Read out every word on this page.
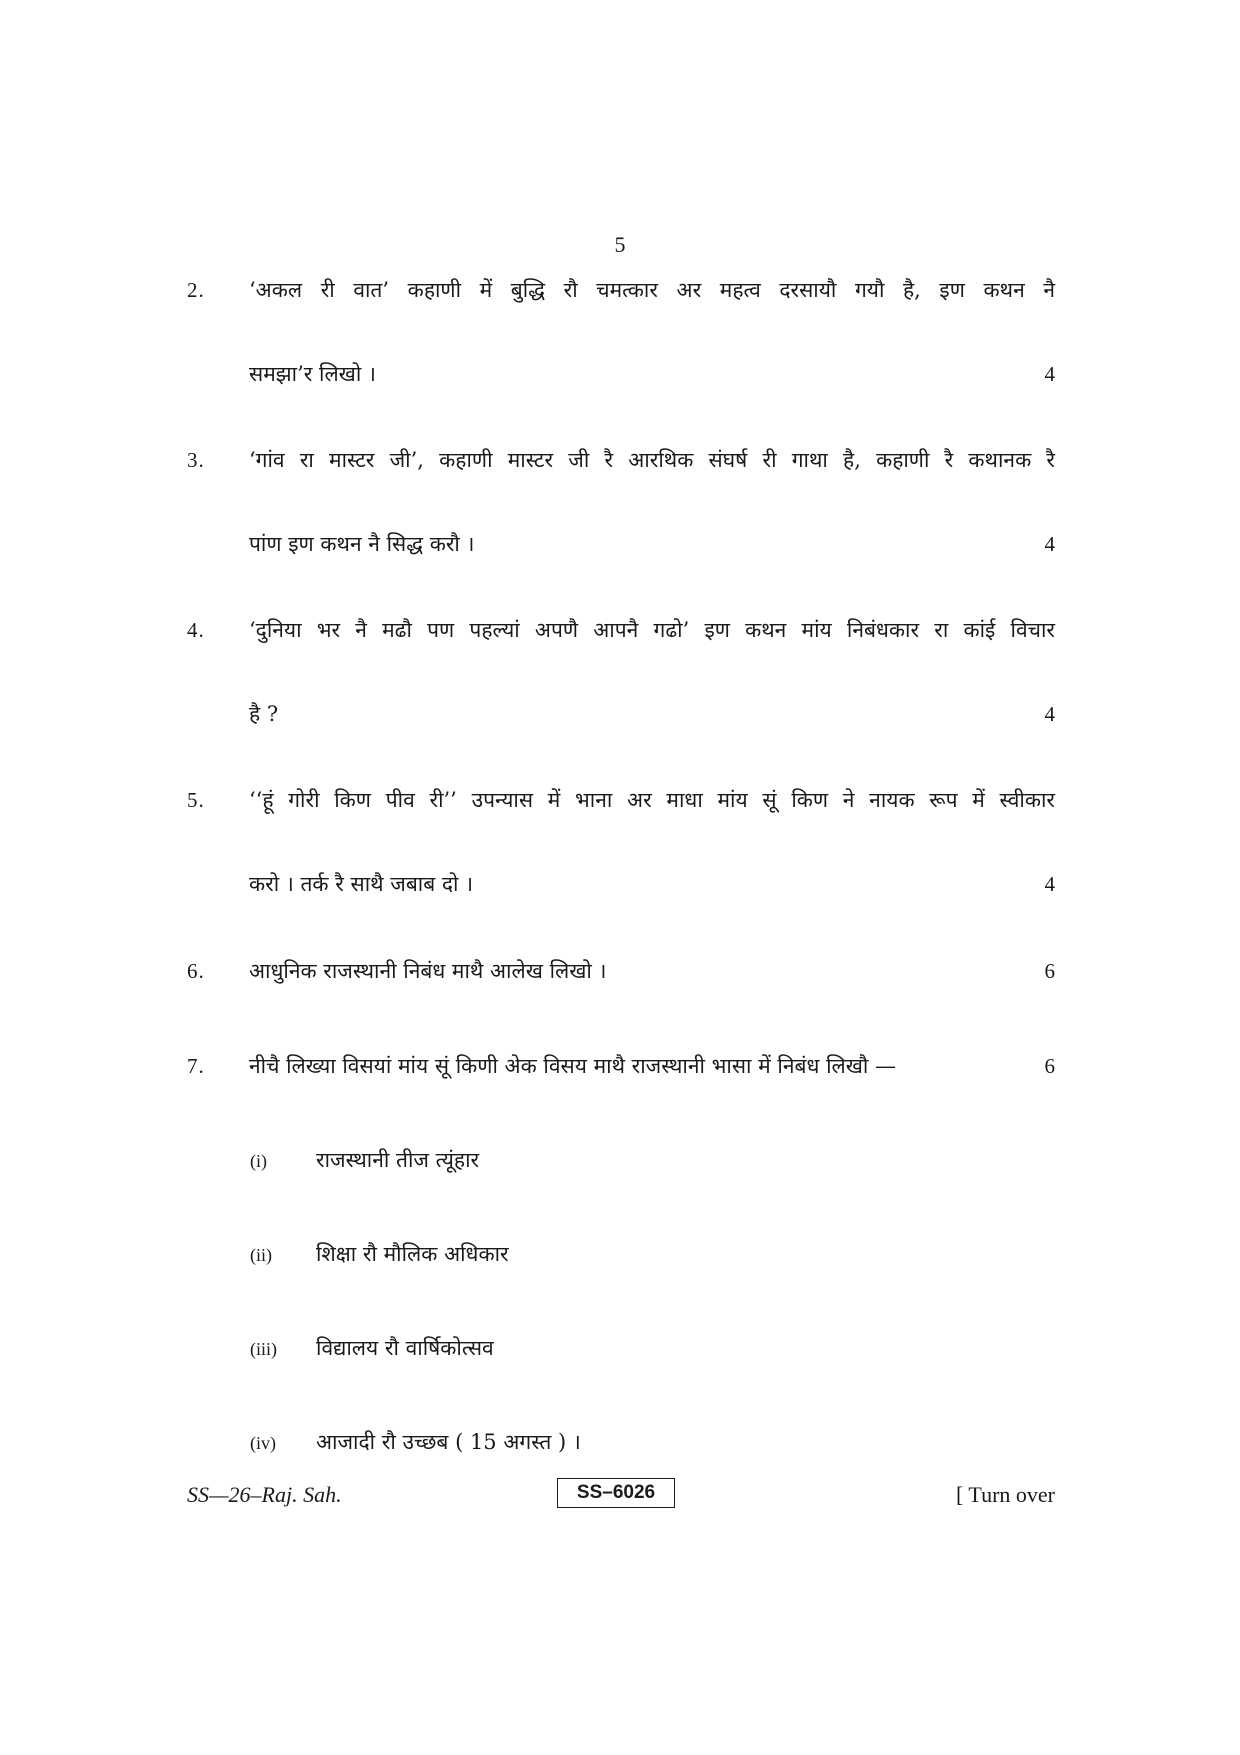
5
2.	‘अकल री वात’ कहाणी में बुद्धि रौ चमत्कार अर महत्व दरसायौ गयौ है, इण कथन नै
समझा’र लिखो ।	4
3.	‘गांव रा मास्टर जी’, कहाणी मास्टर जी रै आरथिक संघर्ष री गाथा है, कहाणी रै कथानक रै
पांण इण कथन नै सिद्ध करौ ।	4
4.	‘दुनिया भर नै मढौ पण पहल्यां अपणै आपनै गढो’ इण कथन मांय निबंधकार रा कांई विचार
है ?	4
5.	‘‘हूं गोरी किण पीव री’’ उपन्यास में भाना अर माधा मांय सूं किण ने नायक रूप में स्वीकार
करो । तर्क रै साथै जबाब दो ।	4
6.	आधुनिक राजस्थानी निबंध माथै आलेख लिखो ।	6
7.	नीचै लिख्या विसयां मांय सूं किणी अेक विसय माथै राजस्थानी भासा में निबंध लिखौ —	6
(i) राजस्थानी तीज त्यूंहार
(ii) शिक्षा रौ मौलिक अधिकार
(iii) विद्यालय रौ वार्षिकोत्सव
(iv) आजादी रौ उच्छब ( 15 अगस्त ) ।
SS—26–Raj. Sah.	SS–6026	[ Turn over
